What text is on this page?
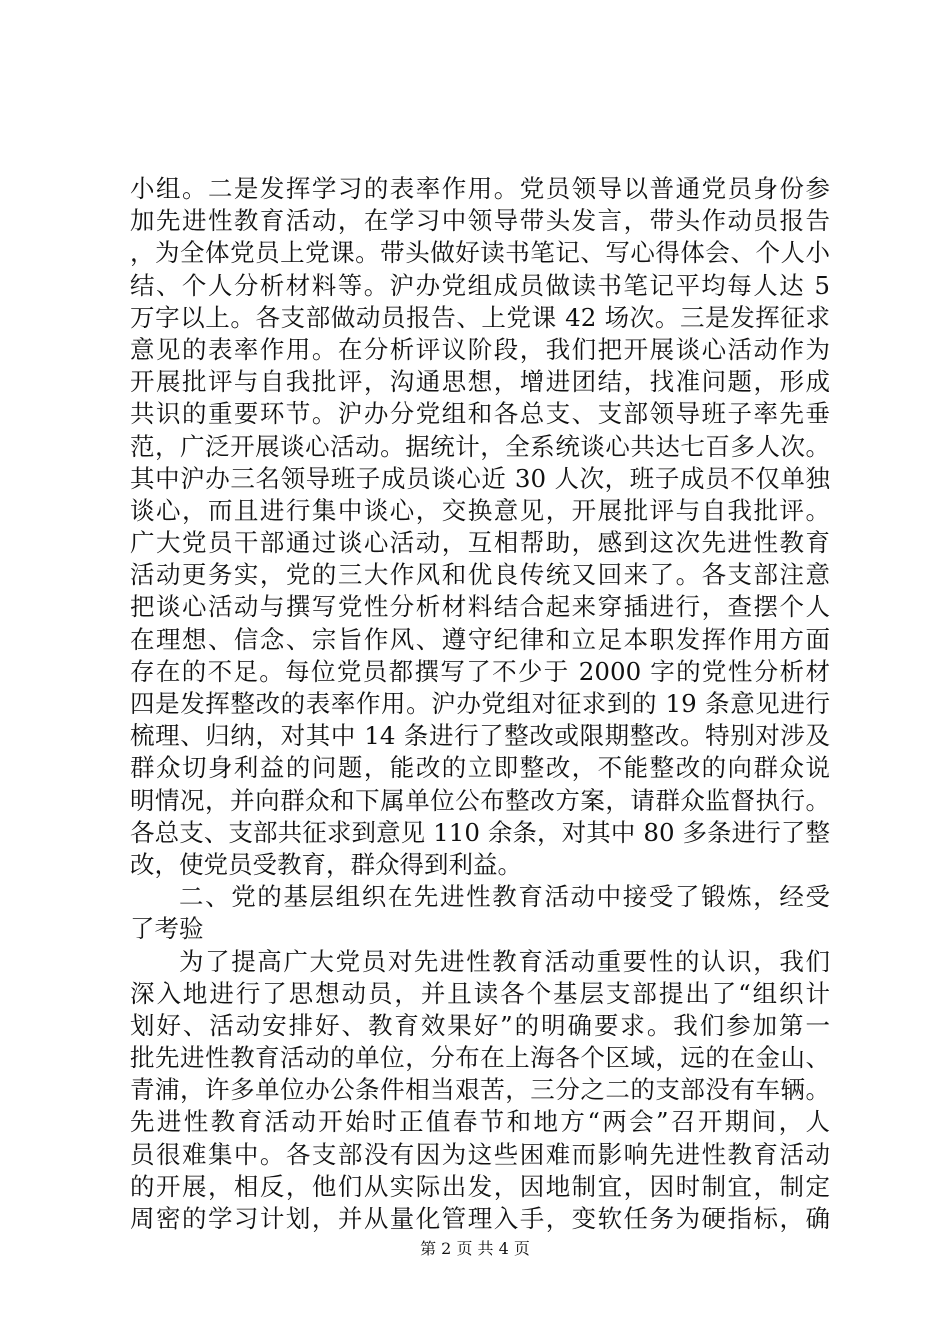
小组。二是发挥学习的表率作用。党员领导以普通党员身份参
加先进性教育活动，在学习中领导带头发言，带头作动员报告
，为全体党员上党课。带头做好读书笔记、写心得体会、个人小
结、个人分析材料等。沪办党组成员做读书笔记平均每人达 5
万字以上。各支部做动员报告、上党课 42 场次。三是发挥征求
意见的表率作用。在分析评议阶段，我们把开展谈心活动作为
开展批评与自我批评，沟通思想，增进团结，找准问题，形成
共识的重要环节。沪办分党组和各总支、支部领导班子率先垂
范，广泛开展谈心活动。据统计，全系统谈心共达七百多人次。
其中沪办三名领导班子成员谈心近 30 人次，班子成员不仅单独
谈心，而且进行集中谈心，交换意见，开展批评与自我批评。
广大党员干部通过谈心活动，互相帮助，感到这次先进性教育
活动更务实，党的三大作风和优良传统又回来了。各支部注意
把谈心活动与撰写党性分析材料结合起来穿插进行，查摆个人
在理想、信念、宗旨作风、遵守纪律和立足本职发挥作用方面
存在的不足。每位党员都撰写了不少于 2000 字的党性分析材
四是发挥整改的表率作用。沪办党组对征求到的 19 条意见进行
梳理、归纳，对其中 14 条进行了整改或限期整改。特别对涉及
群众切身利益的问题，能改的立即整改，不能整改的向群众说
明情况，并向群众和下属单位公布整改方案，请群众监督执行。
各总支、支部共征求到意见 110 余条，对其中 80 多条进行了整
改，使党员受教育，群众得到利益。
二、党的基层组织在先进性教育活动中接受了锻炼，经受
了考验
为了提高广大党员对先进性教育活动重要性的认识，我们
深入地进行了思想动员，并且读各个基层支部提出了“组织计
划好、活动安排好、教育效果好”的明确要求。我们参加第一
批先进性教育活动的单位，分布在上海各个区域，远的在金山、
青浦，许多单位办公条件相当艰苦，三分之二的支部没有车辆。
先进性教育活动开始时正值春节和地方“两会”召开期间，人
员很难集中。各支部没有因为这些困难而影响先进性教育活动
的开展，相反，他们从实际出发，因地制宜，因时制宜，制定
周密的学习计划，并从量化管理入手，变软任务为硬指标，确
第 2 页 共 4 页
